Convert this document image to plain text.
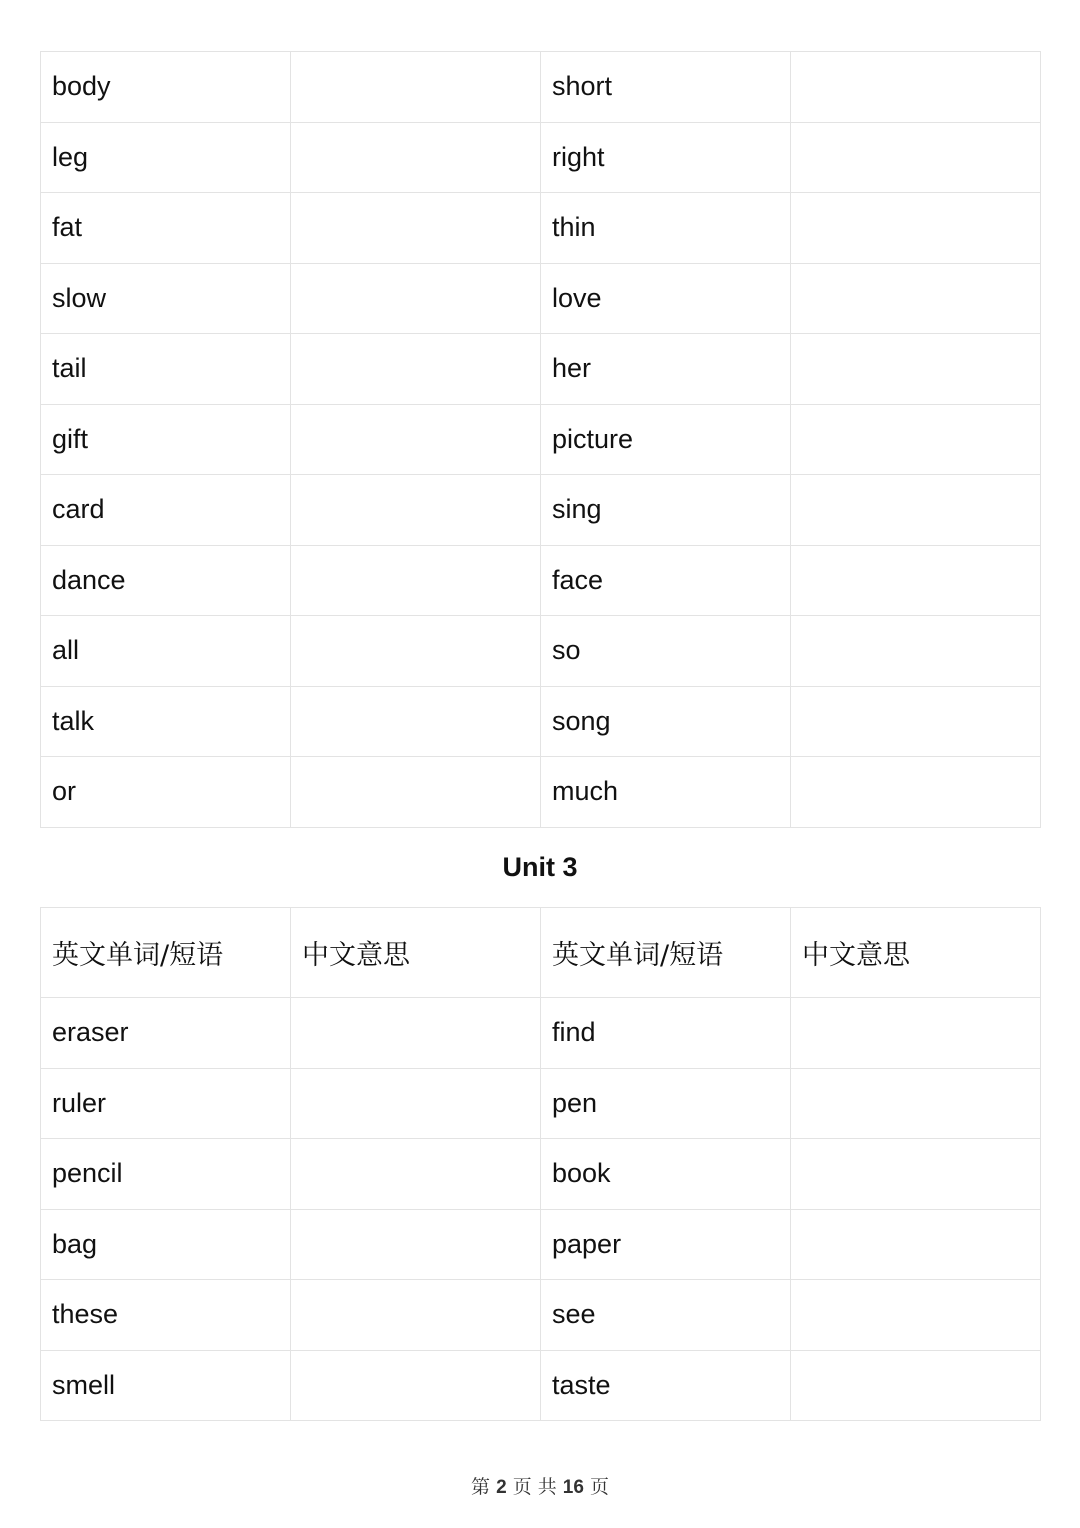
body		short	
leg		right	
fat		thin	
slow		love	
tail		her	
gift		picture	
card		sing	
dance		face	
all		so	
talk		song	
or		much	
Unit 3
英文单词/短语	中文意思	英文单词/短语	中文意思
eraser		find	
ruler		pen	
pencil		book	
bag		paper	
these		see	
smell		taste	
第 2 页 共 16 页
